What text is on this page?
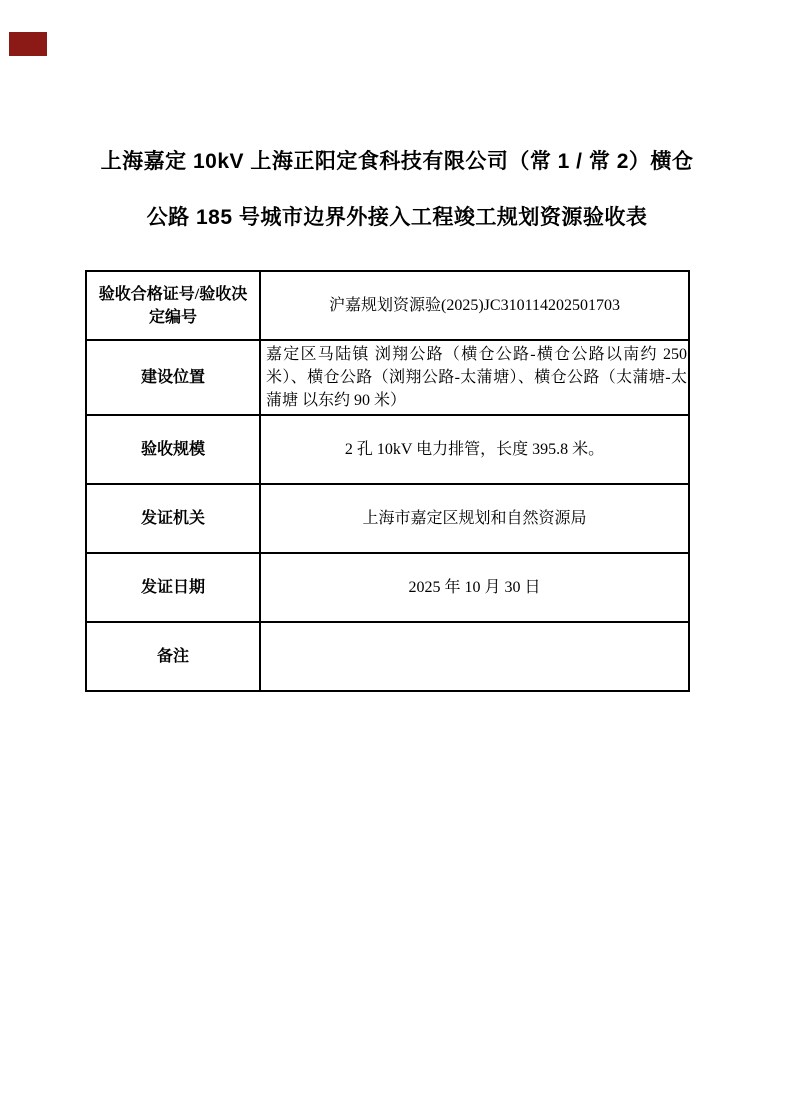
上海嘉定 10kV 上海正阳定食科技有限公司（常 1 / 常 2）横仓
公路 185 号城市边界外接入工程竣工规划资源验收表
验收合格证号/验收决定编号	沪嘉规划资源验(2025)JC310114202501703
建设位置	嘉定区马陆镇 浏翔公路（横仓公路-横仓公路以南约 250 米）、横仓公路（浏翔公路-太蒲塘）、横仓公路（太蒲塘-太蒲塘 以东约 90 米）
验收规模	2 孔 10kV 电力排管，长度 395.8 米。
发证机关	上海市嘉定区规划和自然资源局
发证日期	2025 年 10 月 30 日
备注	
